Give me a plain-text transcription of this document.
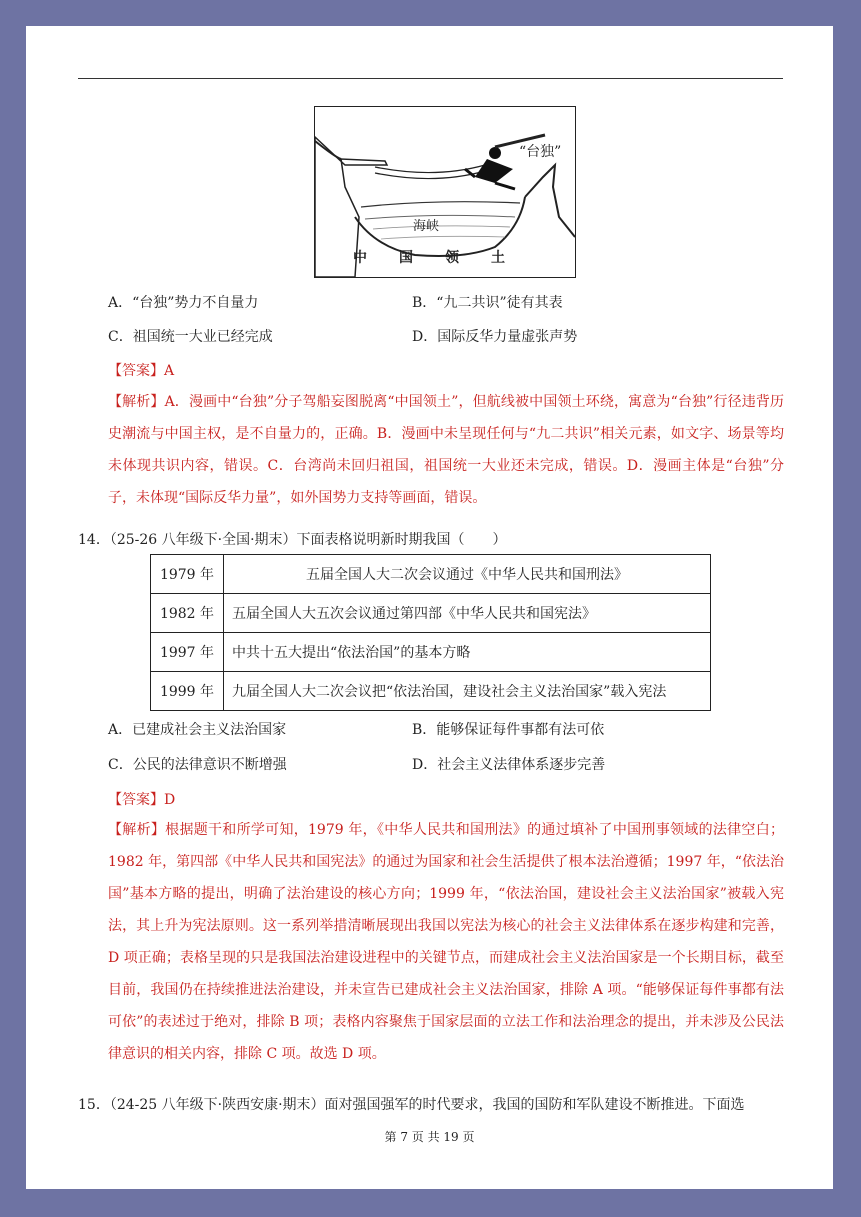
“台独”
海峡
中国领土
A．“台独”势力不自量力	B．“九二共识”徒有其表
C．祖国统一大业已经完成	D．国际反华力量虚张声势
【答案】A
【解析】A．漫画中“台独”分子驾船妄图脱离“中国领土”，但航线被中国领土环绕，寓意为“台独”行径违背历史潮流与中国主权，是不自量力的，正确。B．漫画中未呈现任何与“九二共识”相关元素，如文字、场景等均未体现共识内容，错误。C．台湾尚未回归祖国，祖国统一大业还未完成，错误。D．漫画主体是“台独”分子，未体现“国际反华力量”，如外国势力支持等画面，错误。
14．（25-26 八年级下·全国·期末）下面表格说明新时期我国（　　）
1979 年	五届全国人大二次会议通过《中华人民共和国刑法》
1982 年	五届全国人大五次会议通过第四部《中华人民共和国宪法》
1997 年	中共十五大提出“依法治国”的基本方略
1999 年	九届全国人大二次会议把“依法治国，建设社会主义法治国家”载入宪法
A．已建成社会主义法治国家	B．能够保证每件事都有法可依
C．公民的法律意识不断增强	D．社会主义法律体系逐步完善
【答案】D
【解析】根据题干和所学可知，1979 年，《中华人民共和国刑法》的通过填补了中国刑事领域的法律空白；1982 年，第四部《中华人民共和国宪法》的通过为国家和社会生活提供了根本法治遵循；1997 年，“依法治国”基本方略的提出，明确了法治建设的核心方向；1999 年，“依法治国，建设社会主义法治国家”被载入宪法，其上升为宪法原则。这一系列举措清晰展现出我国以宪法为核心的社会主义法律体系在逐步构建和完善，D 项正确；表格呈现的只是我国法治建设进程中的关键节点，而建成社会主义法治国家是一个长期目标，截至目前，我国仍在持续推进法治建设，并未宣告已建成社会主义法治国家，排除 A 项。“能够保证每件事都有法可依”的表述过于绝对，排除 B 项；表格内容聚焦于国家层面的立法工作和法治理念的提出，并未涉及公民法律意识的相关内容，排除 C 项。故选 D 项。
15．（24-25 八年级下·陕西安康·期末）面对强国强军的时代要求，我国的国防和军队建设不断推进。下面选
第 7 页 共 19 页
